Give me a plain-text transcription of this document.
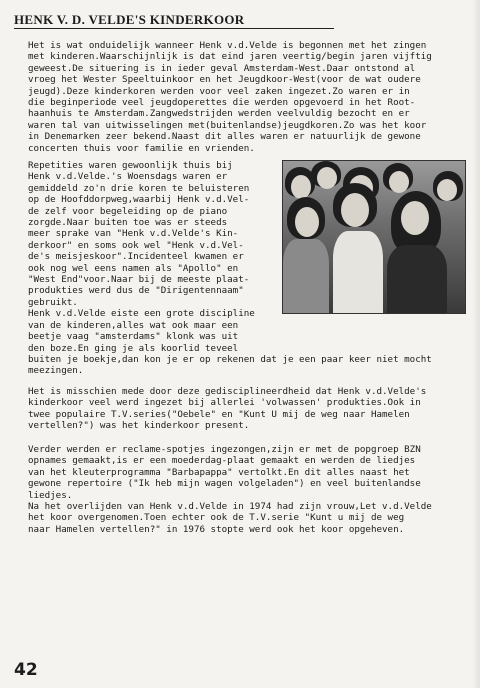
HENK V. D. VELDE'S KINDERKOOR

Het is wat onduidelijk wanneer Henk v.d.Velde is begonnen met het zingen
met kinderen.Waarschijnlijk is dat eind jaren veertig/begin jaren vijftig
geweest.De situering is in ieder geval Amsterdam-West.Daar ontstond al
vroeg het Wester Speeltuinkoor en het Jeugdkoor-West(voor de wat oudere
jeugd).Deze kinderkoren werden voor veel zaken ingezet.Zo waren er in
die beginperiode veel jeugdoperettes die werden opgevoerd in het Root-
haanhuis te Amsterdam.Zangwedstrijden werden veelvuldig bezocht en er
waren tal van uitwisselingen met(buitenlandse)jeugdkoren.Zo was het koor
in Denemarken zeer bekend.Naast dit alles waren er natuurlijk de gewone
concerten thuis voor familie en vrienden.

Repetities waren gewoonlijk thuis bij
Henk v.d.Velde.'s Woensdags waren er
gemiddeld zo'n drie koren te beluisteren
op de Hoofddorpweg,waarbij Henk v.d.Vel-
de zelf voor begeleiding op de piano
zorgde.Naar buiten toe was er steeds
meer sprake van "Henk v.d.Velde's Kin-
derkoor" en soms ook wel "Henk v.d.Vel-
de's meisjeskoor".Incidenteel kwamen er
ook nog wel eens namen als "Apollo" en
"West End"voor.Naar bij de meeste plaat-
produkties werd dus de "Dirigentennaam"
gebruikt.
Henk v.d.Velde eiste een grote discipline
van de kinderen,alles wat ook maar een
beetje vaag "amsterdams" klonk was uit
den boze.En ging je als koorlid teveel
buiten je boekje,dan kon je er op rekenen dat je een paar keer niet mocht
meezingen.

Het is misschien mede door deze gedisciplineerdheid dat Henk v.d.Velde's
kinderkoor veel werd ingezet bij allerlei 'volwassen' produkties.Ook in
twee populaire T.V.series("Oebele" en "Kunt U mij de weg naar Hamelen
vertellen?") was het kinderkoor present.

Verder werden er reclame-spotjes ingezongen,zijn er met de popgroep BZN
opnames gemaakt,is er een moederdag-plaat gemaakt en werden de liedjes
van het kleuterprogramma "Barbapappa" vertolkt.En dit alles naast het
gewone repertoire ("Ik heb mijn wagen volgeladen") en veel buitenlandse
liedjes.
Na het overlijden van Henk v.d.Velde in 1974 had zijn vrouw,Let v.d.Velde
het koor overgenomen.Toen echter ook de T.V.serie "Kunt u mij de weg
naar Hamelen vertellen?" in 1976 stopte werd ook het koor opgeheven.

42
